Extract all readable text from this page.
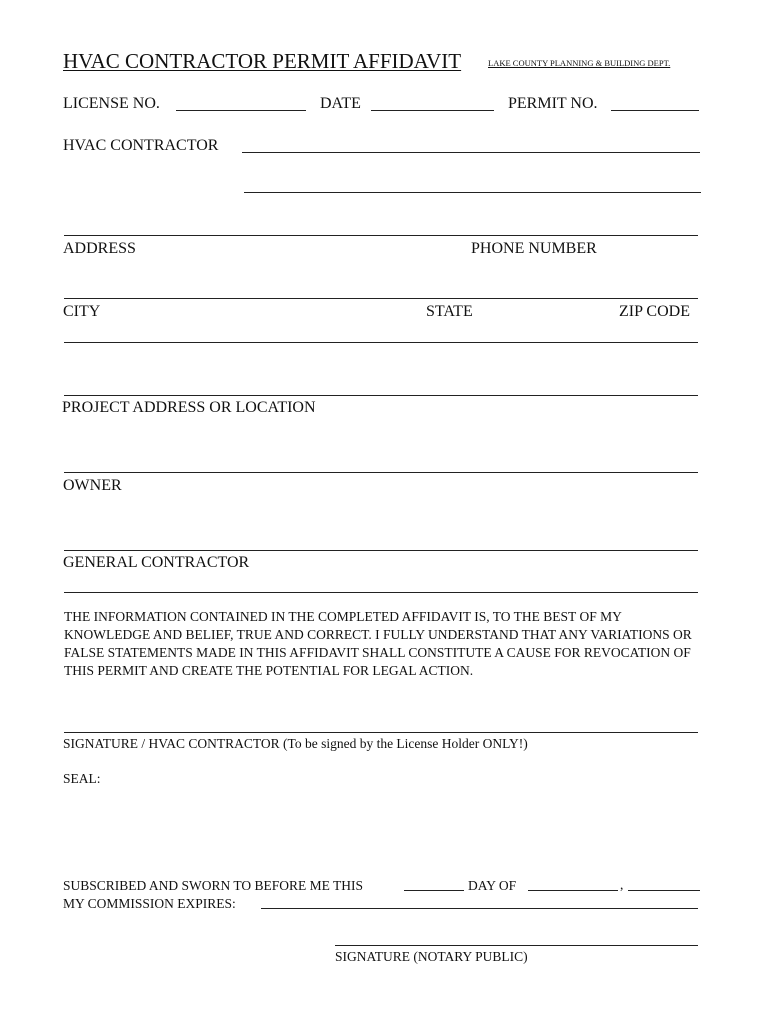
HVAC CONTRACTOR PERMIT AFFIDAVIT	LAKE COUNTY PLANNING & BUILDING DEPT.
LICENSE NO.	DATE	PERMIT NO.
HVAC CONTRACTOR
ADDRESS	PHONE NUMBER
CITY	STATE	ZIP CODE
PROJECT ADDRESS OR LOCATION
OWNER
GENERAL CONTRACTOR
THE INFORMATION CONTAINED IN THE COMPLETED AFFIDAVIT IS, TO THE BEST OF MY KNOWLEDGE AND BELIEF, TRUE AND CORRECT. I FULLY UNDERSTAND THAT ANY VARIATIONS OR FALSE STATEMENTS MADE IN THIS AFFIDAVIT SHALL CONSTITUTE A CAUSE FOR REVOCATION OF THIS PERMIT AND CREATE THE POTENTIAL FOR LEGAL ACTION.
SIGNATURE / HVAC CONTRACTOR (To be signed by the License Holder ONLY!)
SEAL:
SUBSCRIBED AND SWORN TO BEFORE ME THIS	DAY OF	,
MY COMMISSION EXPIRES:
SIGNATURE (NOTARY PUBLIC)
